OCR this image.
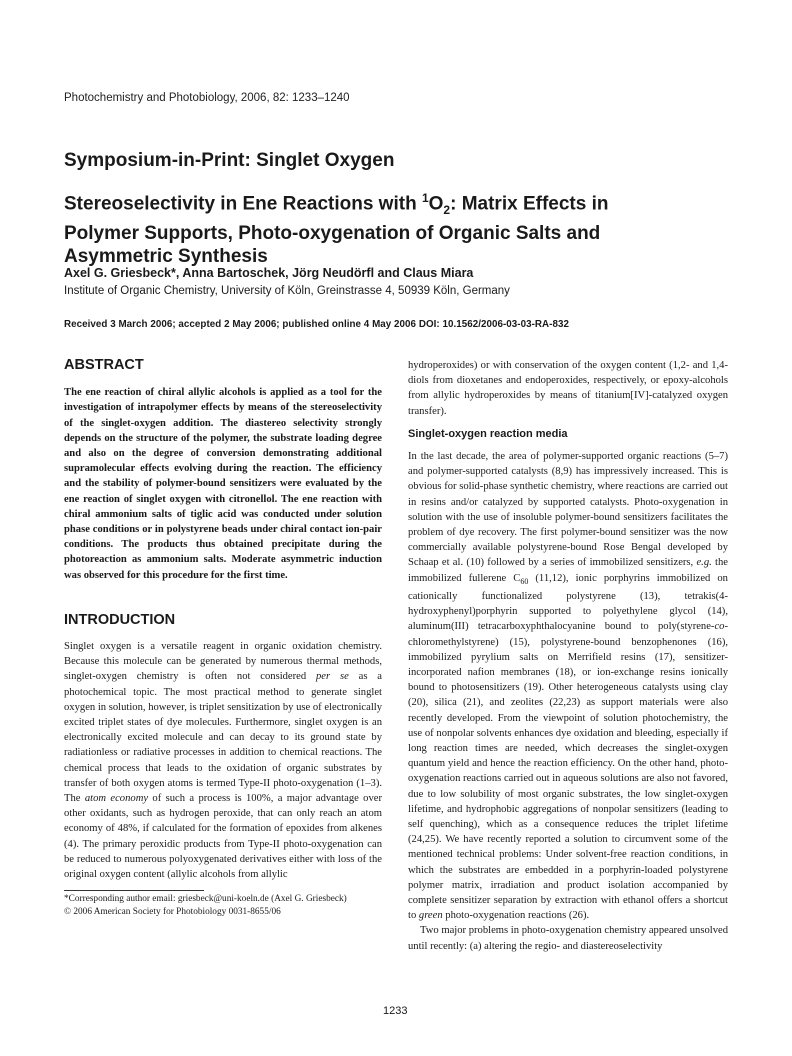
Photochemistry and Photobiology, 2006, 82: 1233–1240
Symposium-in-Print: Singlet Oxygen
Stereoselectivity in Ene Reactions with $^1O_2$: Matrix Effects in Polymer Supports, Photo-oxygenation of Organic Salts and Asymmetric Synthesis
Axel G. Griesbeck*, Anna Bartoschek, Jörg Neudörfl and Claus Miara
Institute of Organic Chemistry, University of Köln, Greinstrasse 4, 50939 Köln, Germany
Received 3 March 2006; accepted 2 May 2006; published online 4 May 2006 DOI: 10.1562/2006-03-03-RA-832
ABSTRACT

The ene reaction of chiral allylic alcohols is applied as a tool for the investigation of intrapolymer effects by means of the stereoselectivity of the singlet-oxygen addition. The diastereo selectivity strongly depends on the structure of the polymer, the substrate loading degree and also on the degree of conversion demonstrating additional supramolecular effects evolving during the reaction. The efficiency and the stability of polymer-bound sensitizers were evaluated by the ene reaction of singlet oxygen with citronellol. The ene reaction with chiral ammonium salts of tiglic acid was conducted under solution phase conditions or in polystyrene beads under chiral contact ion-pair conditions. The products thus obtained precipitate during the photoreaction as ammonium salts. Moderate asymmetric induction was observed for this procedure for the first time.

INTRODUCTION

Singlet oxygen is a versatile reagent in organic oxidation chemistry. Because this molecule can be generated by numerous thermal methods, singlet-oxygen chemistry is often not considered per se as a photochemical topic. The most practical method to generate singlet oxygen in solution, however, is triplet sensitization by use of electronically excited triplet states of dye molecules. Furthermore, singlet oxygen is an electronically excited molecule and can decay to its ground state by radiationless or radiative processes in addition to chemical reactions. The chemical process that leads to the oxidation of organic substrates by transfer of both oxygen atoms is termed Type-II photo-oxygenation (1–3). The atom economy of such a process is 100%, a major advantage over other oxidants, such as hydrogen peroxide, that can only reach an atom economy of 48%, if calculated for the formation of epoxides from alkenes (4). The primary peroxidic products from Type-II photo-oxygenation can be reduced to numerous polyoxygenated derivatives either with loss of the original oxygen content (allylic alcohols from allylic

*Corresponding author email: griesbeck@uni-koeln.de (Axel G. Griesbeck)
© 2006 American Society for Photobiology 0031-8655/06

hydroperoxides) or with conservation of the oxygen content (1,2- and 1,4-diols from dioxetanes and endoperoxides, respectively, or epoxy-alcohols from allylic hydroperoxides by means of titanium[IV]-catalyzed oxygen transfer).

Singlet-oxygen reaction media

In the last decade, the area of polymer-supported organic reactions (5–7) and polymer-supported catalysts (8,9) has impressively increased. This is obvious for solid-phase synthetic chemistry, where reactions are carried out in resins and/or catalyzed by supported catalysts. Photo-oxygenation in solution with the use of insoluble polymer-bound sensitizers facilitates the problem of dye recovery. The first polymer-bound sensitizer was the now commercially available polystyrene-bound Rose Bengal developed by Schaap et al. (10) followed by a series of immobilized sensitizers, e.g. the immobilized fullerene $C_{60}$ (11,12), ionic porphyrins immobilized on cationically functionalized polystyrene (13), tetrakis(4-hydroxyphenyl)porphyrin supported to polyethylene glycol (14), aluminum(III) tetracarboxyphthalocyanine bound to poly(styrene-co-chloromethylstyrene) (15), polystyrene-bound benzophenones (16), immobilized pyrylium salts on Merrifield resins (17), sensitizer-incorporated nafion membranes (18), or ion-exchange resins ionically bound to photosensitizers (19). Other heterogeneous catalysts using clay (20), silica (21), and zeolites (22,23) as support materials were also recently developed. From the viewpoint of solution photochemistry, the use of nonpolar solvents enhances dye oxidation and bleeding, especially if long reaction times are needed, which decreases the singlet-oxygen quantum yield and hence the reaction efficiency. On the other hand, photo-oxygenation reactions carried out in aqueous solutions are also not favored, due to low solubility of most organic substrates, the low singlet-oxygen lifetime, and hydrophobic aggregations of nonpolar sensitizers (leading to self quenching), which as a consequence reduces the triplet lifetime (24,25). We have recently reported a solution to circumvent some of the mentioned technical problems: Under solvent-free reaction conditions, in which the substrates are embedded in a porphyrin-loaded polystyrene polymer matrix, irradiation and product isolation accompanied by complete sensitizer separation by extraction with ethanol offers a shortcut to green photo-oxygenation reactions (26).

Two major problems in photo-oxygenation chemistry appeared unsolved until recently: (a) altering the regio- and diastereoselectivity

1233
